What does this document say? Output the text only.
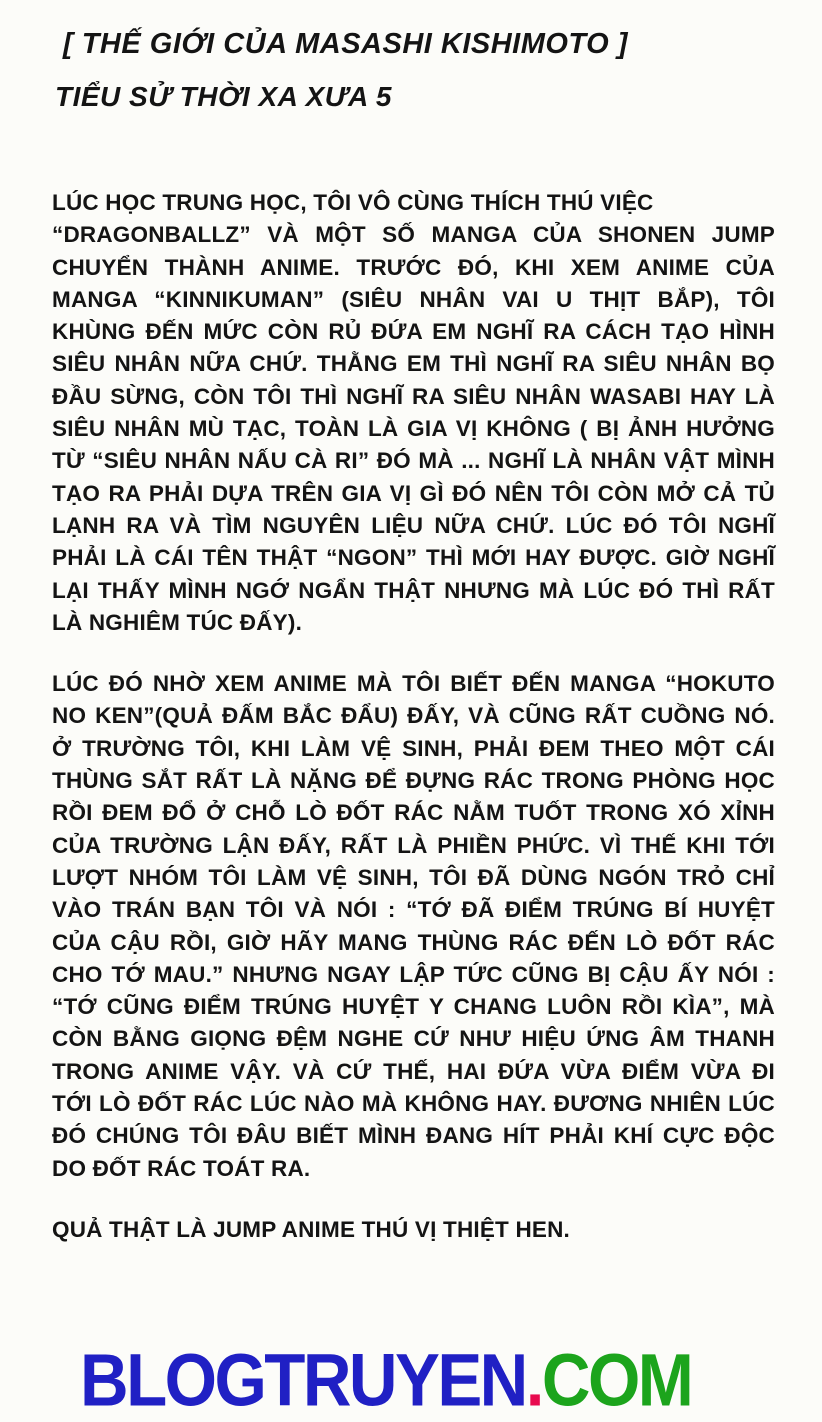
[ THẾ GIỚI CỦA MASASHI KISHIMOTO ]
TIỂU SỬ THỜI XA XƯA 5
LÚC HỌC TRUNG HỌC, TÔI VÔ CÙNG THÍCH THÚ VIỆC
“DRAGONBALLZ” VÀ MỘT SỐ MANGA CỦA SHONEN JUMP
CHUYỂN THÀNH ANIME. TRƯỚC ĐÓ, KHI XEM ANIME CỦA
MANGA “KINNIKUMAN” (SIÊU NHÂN VAI U THỊT BẮP), TÔI
KHÙNG ĐẾN MỨC CÒN RỦ ĐỨA EM NGHĨ RA CÁCH TẠO HÌNH
SIÊU NHÂN NỮA CHỨ. THẰNG EM THÌ NGHĨ RA SIÊU NHÂN BỌ
ĐẦU SỪNG, CÒN TÔI THÌ NGHĨ RA SIÊU NHÂN WASABI HAY LÀ
SIÊU NHÂN MÙ TẠC, TOÀN LÀ GIA VỊ KHÔNG ( BỊ ẢNH HƯỞNG
TỪ “SIÊU NHÂN NẤU CÀ RI” ĐÓ MÀ ... NGHĨ LÀ NHÂN VẬT MÌNH
TẠO RA PHẢI DỰA TRÊN GIA VỊ GÌ ĐÓ NÊN TÔI CÒN MỞ CẢ TỦ
LẠNH RA VÀ TÌM NGUYÊN LIỆU NỮA CHỨ. LÚC ĐÓ TÔI NGHĨ
PHẢI LÀ CÁI TÊN THẬT “NGON” THÌ MỚI HAY ĐƯỢC. GIỜ NGHĨ
LẠI THẤY MÌNH NGỚ NGẨN THẬT NHƯNG MÀ LÚC ĐÓ THÌ RẤT
LÀ NGHIÊM TÚC ĐẤY).
LÚC ĐÓ NHỜ XEM ANIME MÀ TÔI BIẾT ĐẾN MANGA “HOKUTO
NO KEN”(QUẢ ĐẤM BẮC ĐẨU) ĐẤY, VÀ CŨNG RẤT CUỒNG NÓ.
Ở TRƯỜNG TÔI, KHI LÀM VỆ SINH, PHẢI ĐEM THEO MỘT CÁI
THÙNG SẮT RẤT LÀ NẶNG ĐỂ ĐỰNG RÁC TRONG PHÒNG HỌC
RỒI ĐEM ĐỔ Ở CHỖ LÒ ĐỐT RÁC NẰM TUỐT TRONG XÓ XỈNH
CỦA TRƯỜNG LẬN ĐẤY, RẤT LÀ PHIỀN PHỨC. VÌ THẾ KHI TỚI
LƯỢT NHÓM TÔI LÀM VỆ SINH, TÔI ĐÃ DÙNG NGÓN TRỎ CHỈ
VÀO TRÁN BẠN TÔI VÀ NÓI : “TỚ ĐÃ ĐIỂM TRÚNG BÍ HUYỆT
CỦA CẬU RỒI, GIỜ HÃY MANG THÙNG RÁC ĐẾN LÒ ĐỐT RÁC
CHO TỚ MAU.” NHƯNG NGAY LẬP TỨC CŨNG BỊ CẬU ẤY NÓI :
“TỚ CŨNG ĐIỂM TRÚNG HUYỆT Y CHANG LUÔN RỒI KÌA”, MÀ
CÒN BẰNG GIỌNG ĐỆM NGHE CỨ NHƯ HIỆU ỨNG ÂM THANH
TRONG ANIME VẬY. VÀ CỨ THẾ, HAI ĐỨA VỪA ĐIỂM VỪA ĐI
TỚI LÒ ĐỐT RÁC LÚC NÀO MÀ KHÔNG HAY. ĐƯƠNG NHIÊN LÚC
ĐÓ CHÚNG TÔI ĐÂU BIẾT MÌNH ĐANG HÍT PHẢI KHÍ CỰC ĐỘC
DO ĐỐT RÁC TOÁT RA.
QUẢ THẬT LÀ JUMP ANIME THÚ VỊ THIỆT HEN.
BLOGTRUYEN.COM
